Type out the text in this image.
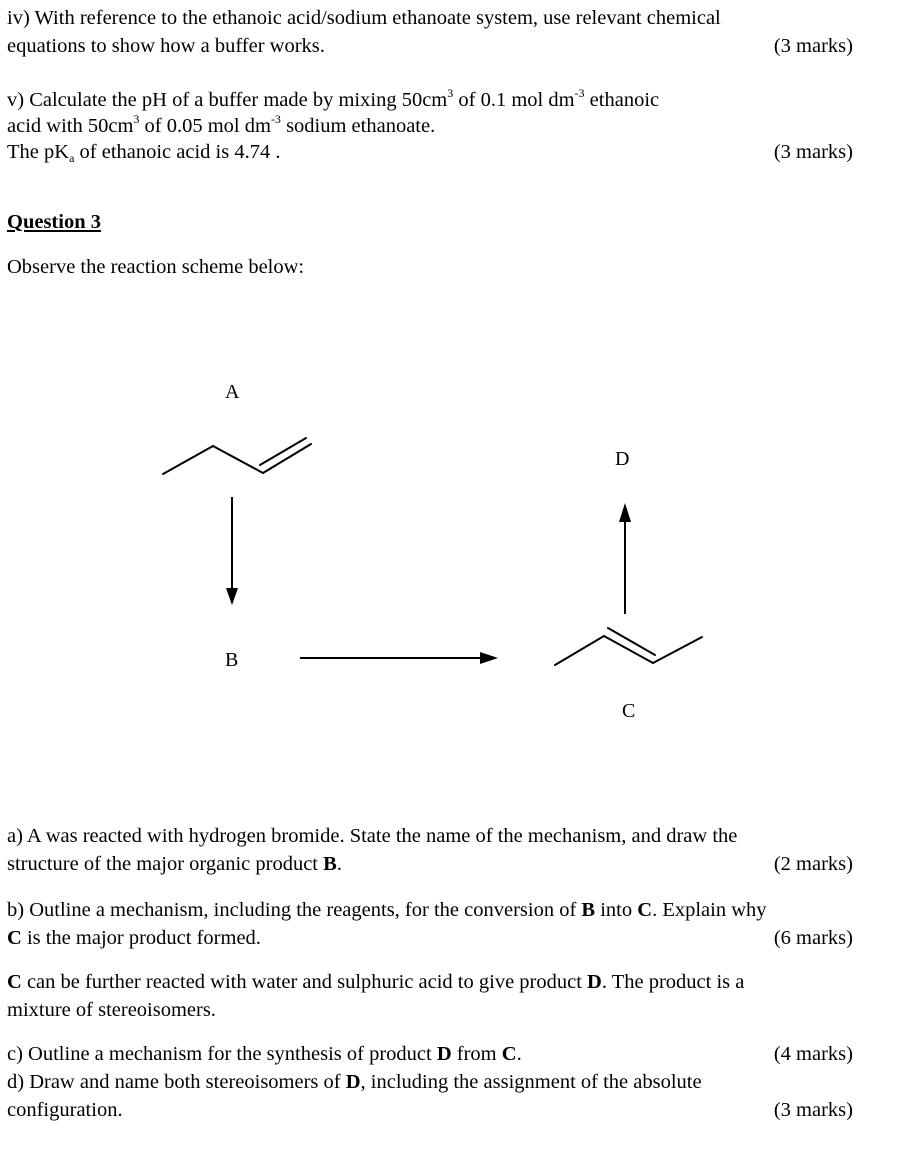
iv) With reference to the ethanoic acid/sodium ethanoate system, use relevant chemical
equations to show how a buffer works.	(3 marks)
v) Calculate the pH of a buffer made by mixing $50cm^3$ of 0.1 mol $dm^{-3}$ ethanoic
acid with $50cm^3$ of 0.05 mol $dm^{-3}$ sodium ethanoate.
The $pK_a$ of ethanoic acid is 4.74 .	(3 marks)
Question 3
Observe the reaction scheme below:
A
D
B
C
a) A was reacted with hydrogen bromide. State the name of the mechanism, and draw the
structure of the major organic product B.	(2 marks)
b) Outline a mechanism, including the reagents, for the conversion of B into C. Explain why
C is the major product formed.	(6 marks)
C can be further reacted with water and sulphuric acid to give product D. The product is a
mixture of stereoisomers.
c) Outline a mechanism for the synthesis of product D from C.	(4 marks)
d) Draw and name both stereoisomers of D, including the assignment of the absolute
configuration.	(3 marks)
